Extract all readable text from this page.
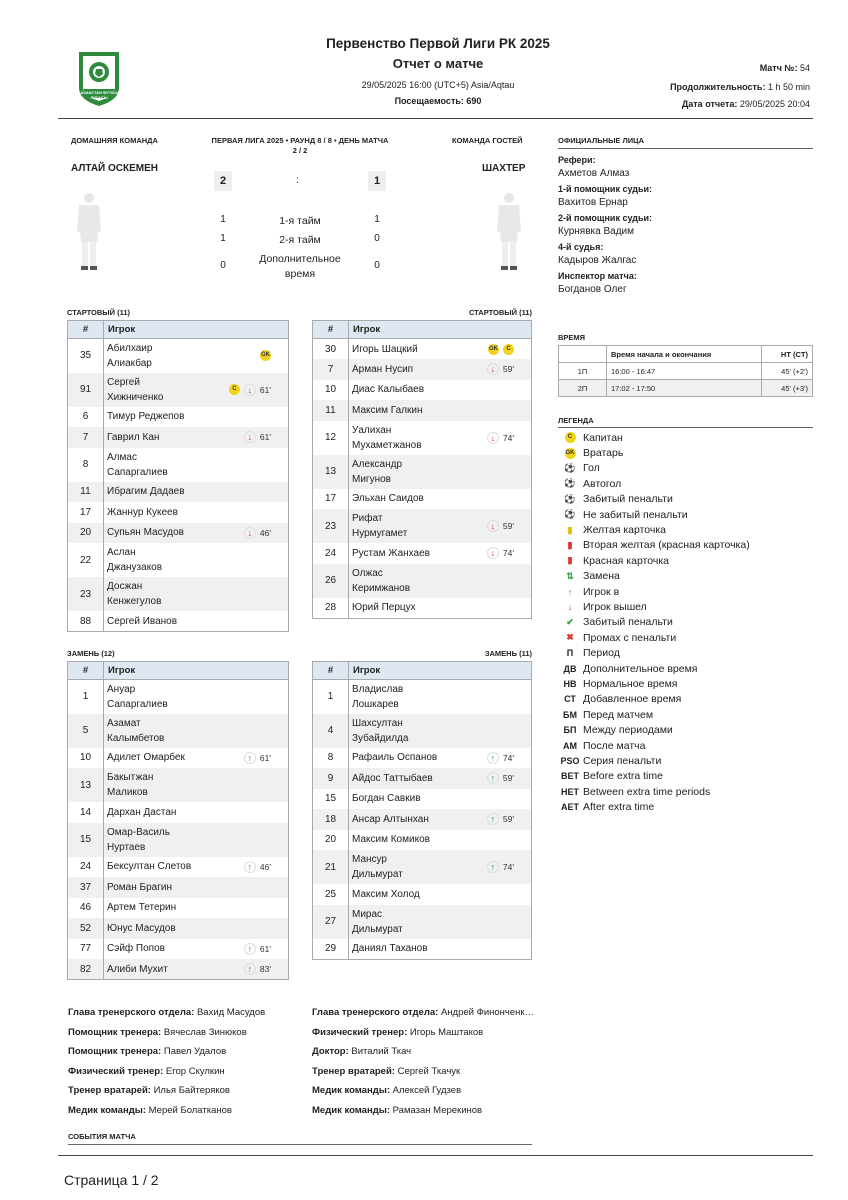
КАЗАКСТАН ФУТБОЛ ЛИГАСЫ
Первенство Первой Лиги РК 2025
Отчет о матче
29/05/2025 16:00 (UTC+5) Asia/Aqtau
Посещаемость: 690
Матч №: 54
Продолжительность: 1 h 50 min
Дата отчета: 29/05/2025 20:04
ДОМАШНЯЯ КОМАНДА	ПЕРВАЯ ЛИГА 2025 • РАУНД 8 / 8 • ДЕНЬ МАТЧА
2 / 2
КОМАНДА ГОСТЕЙ
АЛТАЙ ОСКЕМЕН	ШАХТЕР
2	:	1
1	1-я тайм	1
1	2-я тайм	0
0
Дополнительное
время
0
СТАРТОВЫЙ (11)	СТАРТОВЫЙ (11)
ЗАМЕНЬ (12)	ЗАМЕНЬ (11)
#	Игрок
35	Абилхаир
Алиакбар
GK

91	Сергей
Хижниченко
C ↓ 61'

6	Тимур Реджепов

7	Гаврил Кан ↓ 61'

8	Алмас
Сапаргалиев

11	Ибрагим Дадаев

17	Жаннур Кукеев

20	Супьян Масудов ↓ 46'

22	Аслан
Джанузаков

23	Досжан
Кенжегулов

88	Сергей Иванов
#	Игрок
30	Игорь Шацкий GK C

7	Арман Нусип ↓ 59'

10	Диас Калыбаев

11	Максим Галкин

12	Уалихан
Мухаметжанов
↓ 74'

13	Александр
Мигунов

17	Эльхан Саидов

23	Рифат
Нурмугамет
↓ 59'

24	Рустам Жанхаев ↓ 74'

26	Олжас
Керимжанов

28	Юрий Перцух
#	Игрок
1	Ануар
Сапаргалиев

5	Азамат
Калымбетов

10	Адилет Омарбек ↑ 61'

13	Бакытжан
Маликов

14	Дархан Дастан

15	Омар-Василь
Нуртаев

24	Бексултан Слетов ↑ 46'

37	Роман Брагин

46	Артем Тетерин

52	Юнус Масудов

77	Сэйф Попов ↑ 61'

82	Алиби Мухит ↑ 83'
#	Игрок
1	Владислав
Лошкарев

4	Шахсултан
Зубайдилда

8	Рафаиль Оспанов ↑ 74'

9	Айдос Таттыбаев ↑ 59'

15	Богдан Савкив

18	Ансар Алтынхан ↑ 59'

20	Максим Комиков

21	Мансур
Дильмурат
↑ 74'

25	Максим Холод

27	Мирас
Дильмурат

29	Даниял Таханов
ОФИЦИАЛЬНЫЕ ЛИЦА
Рефери:
Ахметов Алмаз
1-й помощник судьи:
Вахитов Ернар
2-й помощник судьи:
Курнявка Вадим
4-й судья:
Кадыров Жалгас
Инспектор матча:
Богданов Олег
ВРЕМЯ
	Время начала и окончания	HT (CT)
1П	16:00 - 16:47	45' (+2')
2П	17:02 - 17:50	45' (+3')
ЛЕГЕНДА
C	Капитан
GK Вратарь
⚽ Гол
⚽ Автогол
⚽ Забитый пенальти
⚽ Не забитый пенальти
▮	Желтая карточка
▮	Вторая желтая (красная карточка)
▮	Красная карточка
⇅ Замена
↑	Игрок в
↓	Игрок вышел
✔ Забитый пенальти
✖ Промах с пенальти
П Период
ДВ Дополнительное время
НВ Нормальное время
СТ Добавленное время
БМ Перед матчем
БП Между периодами
АМ После матча
PSO Серия пенальти
BET Before extra time
HET Between extra time periods
AET After extra time
Глава тренерского отдела: Вахид Масудов
Помощник тренера: Вячеслав Зинюков
Помощник тренера: Павел Удалов
Физический тренер: Егор Скулкин
Тренер вратарей: Илья Байтеряков
Медик команды: Мерей Болатканов
Глава тренерского отдела: Андрей Финонченк…
Физический тренер: Игорь Маштаков
Доктор: Виталий Ткач
Тренер вратарей: Сергей Ткачук
Медик команды: Алексей Гудзев
Медик команды: Рамазан Мерекинов
СОБЫТИЯ МАТЧА
Страница 1 / 2
